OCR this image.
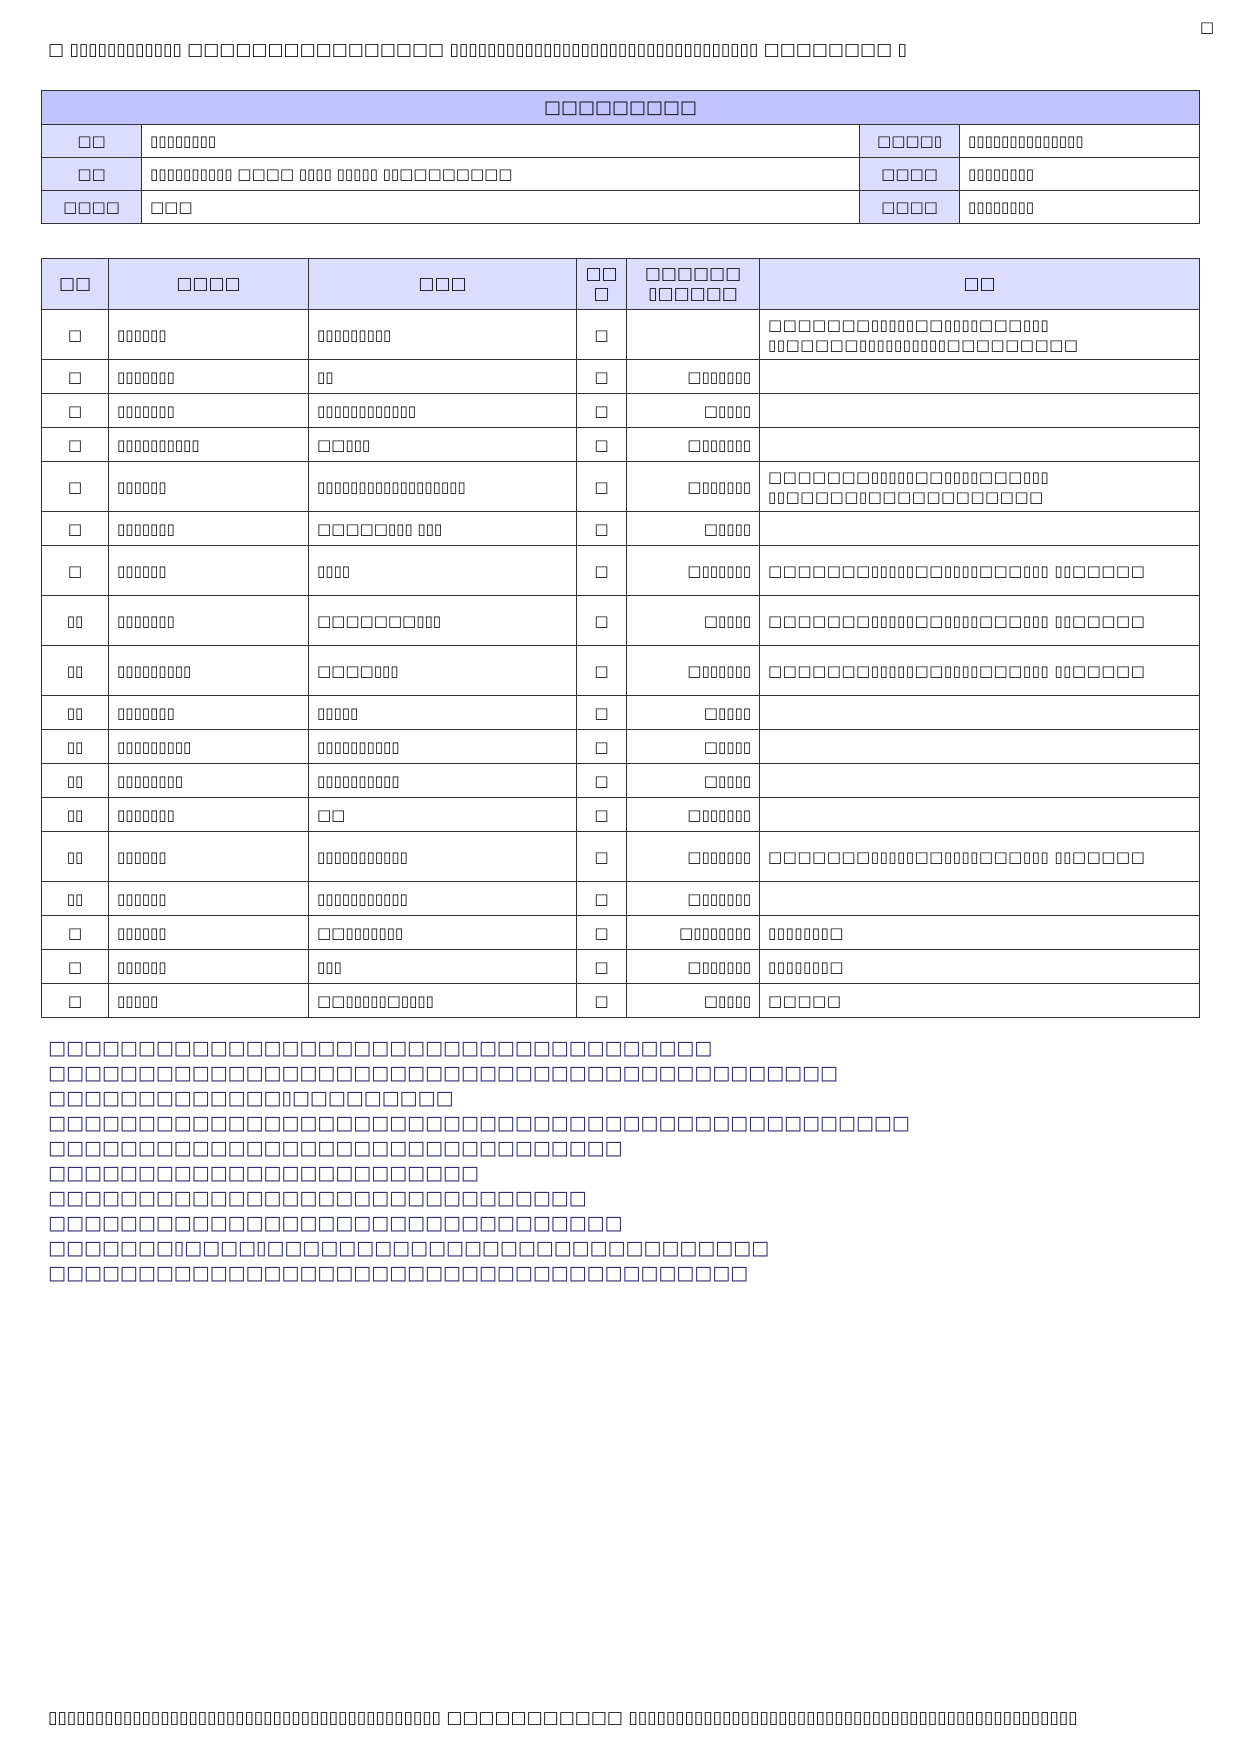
□
□ ▯▯▯▯▯▯▯▯▯▯▯▯ □□□□□□□□□□□□□□□□ ▯▯▯▯▯▯▯▯▯▯▯▯▯▯▯▯▯▯▯▯▯▯▯▯▯▯▯▯▯▯▯▯▯ □□□□□□□□ ▯
□□□□□□□□□			
□□	▯▯▯▯▯▯▯▯	□□□□▯	▯▯▯▯▯▯▯▯▯▯▯▯▯▯
□□	▯▯▯▯▯▯▯▯▯▯ □□□□ ▯▯▯▯ ▯▯▯▯▯ ▯▯□□□□□□□□	□□□□	▯▯▯▯▯▯▯▯
□□□□	□□□	□□□□	▯▯▯▯▯▯▯▯
□□	□□□□	□□□	□□ □	□□□□□□ ▯□□□□□	□□
□	▯▯▯▯▯▯	▯▯▯▯▯▯▯▯▯	□		□□□□□□□▯▯▯▯▯□□▯▯▯▯□□□▯▯▯ ▯▯□□□□□▯▯▯▯▯▯▯▯▯▯□□□□□□□□□
□	▯▯▯▯▯▯▯	▯▯	□	□▯▯▯▯▯▯	
□	▯▯▯▯▯▯▯	▯▯▯▯▯▯▯▯▯▯▯▯	□	□▯▯▯▯	
□	▯▯▯▯▯▯▯▯▯▯	□□▯▯▯	□	□▯▯▯▯▯▯	
□	▯▯▯▯▯▯	▯▯▯▯▯▯▯▯▯▯▯▯▯▯▯▯▯▯	□	□▯▯▯▯▯▯	□□□□□□□▯▯▯▯▯□□▯▯▯▯□□□▯▯▯ ▯▯□□□□□▯□□□□□□□□□□□□
□	▯▯▯▯▯▯▯	□□□□□▯▯▯ ▯▯▯	□	□▯▯▯▯	
□	▯▯▯▯▯▯	▯▯▯▯	□	□▯▯▯▯▯▯	□□□□□□□▯▯▯▯▯□□▯▯▯▯□□□▯▯▯ ▯▯□□□□□
▯▯	▯▯▯▯▯▯▯	□□□□□□□▯▯▯	□	□▯▯▯▯	□□□□□□□▯▯▯▯▯□□▯▯▯▯□□□▯▯▯ ▯▯□□□□□
▯▯	▯▯▯▯▯▯▯▯▯	□□□□▯▯▯	□	□▯▯▯▯▯▯	□□□□□□□▯▯▯▯▯□□▯▯▯▯□□□▯▯▯ ▯▯□□□□□
▯▯	▯▯▯▯▯▯▯	▯▯▯▯▯	□	□▯▯▯▯	
▯▯	▯▯▯▯▯▯▯▯▯	▯▯▯▯▯▯▯▯▯▯	□	□▯▯▯▯	
▯▯	▯▯▯▯▯▯▯▯	▯▯▯▯▯▯▯▯▯▯	□	□▯▯▯▯	
▯▯	▯▯▯▯▯▯▯	□□	□	□▯▯▯▯▯▯	
▯▯	▯▯▯▯▯▯	▯▯▯▯▯▯▯▯▯▯▯	□	□▯▯▯▯▯▯	□□□□□□□▯▯▯▯▯□□▯▯▯▯□□□▯▯▯ ▯▯□□□□□
▯▯	▯▯▯▯▯▯	▯▯▯▯▯▯▯▯▯▯▯	□	□▯▯▯▯▯▯	
□	▯▯▯▯▯▯	□□▯▯▯▯▯▯▯	□	□▯▯▯▯▯▯▯	▯▯▯▯▯▯▯□
□	▯▯▯▯▯▯	▯▯▯	□	□▯▯▯▯▯▯	▯▯▯▯▯▯▯□
□	▯▯▯▯▯	□□▯▯▯▯▯□▯▯▯▯	□	□▯▯▯▯	□□□□□
□□□□□□□□□□□□□□□□□□□□□□□□□□□□□□□□□□□□□
□□□□□□□□□□□□□□□□□□□□□□□□□□□□□□□□□□□□□□□□□□□□
□□□□□□□□□□□□□▯□□□□□□□□□
□□□□□□□□□□□□□□□□□□□□□□□□□□□□□□□□□□□□□□□□□□□□□□□□
□□□□□□□□□□□□□□□□□□□□□□□□□□□□□□□□
□□□□□□□□□□□□□□□□□□□□□□□□
□□□□□□□□□□□□□□□□□□□□□□□□□□□□□□
□□□□□□□□□□□□□□□□□□□□□□□□□□□□□□□□
□□□□□□□▯□□□□▯□□□□□□□□□□□□□□□□□□□□□□□□□□□□
□□□□□□□□□□□□□□□□□□□□□□□□□□□□□□□□□□□□□□□
▯▯▯▯▯▯▯▯▯▯▯▯▯▯▯▯▯▯▯▯▯▯▯▯▯▯▯▯▯▯▯▯▯▯▯▯▯▯▯▯▯▯ □□□□□□□□□□□ ▯▯▯▯▯▯▯▯▯▯▯▯▯▯▯▯▯▯▯▯▯▯▯▯▯▯▯▯▯▯▯▯▯▯▯▯▯▯▯▯▯▯▯▯▯▯▯▯
